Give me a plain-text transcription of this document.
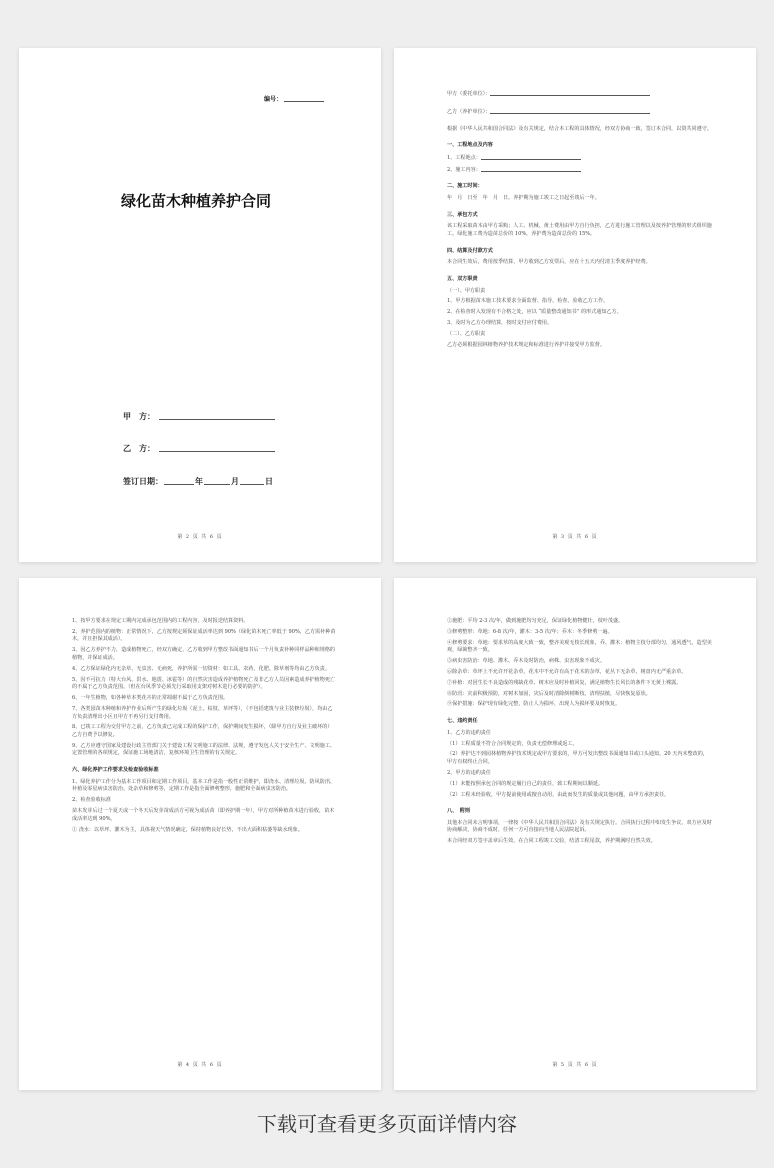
编号：
绿化苗木种植养护合同
甲　方：
乙　方：
签订日期：	年	月	日
第 2 页 共 6 页

甲方（委托单位）：

乙方（养护单位）：

根据《中华人民共和国合同法》及有关规定，结合本工程的具体情况，经双方协商一致，签订本合同，以资共同遵守。

一、工程地点及内容

1、工程地点：

2、施工内容：

二、施工时间：

年　月　日至　年　月　日。养护期为施工竣工之日起至竣后一年。

三、承包方式

该工程采取苗木由甲方采购；人工、机械、黄土费用由甲方自行负担，乙方进行施工管理以及按养护管理的形式组织施工。绿化施工费为造苗总价的 10%，养护费为造苗总价的 15%。

四、结算及付款方式

本合同生效后，费用按季结算，甲方收到乙方发票后，应在十五天内付清主季度养护经费。

五、双方职责

（一）、甲方职责

1、甲方根据苗木施工技术要求全面监督、指导、检查、验收乙方工作。

2、在检查时入发现有不合格之处，应以 “质量整改通知书” 的形式通知乙方。

3、及时为乙方办理结算，按时支付应付费用。

（二）、乙方职责

乙方必须根据园林植物养护技术规定和标准进行养护并接受甲方监督。

第 3 页 共 6 页

1、按甲方要求在规定工期内完成承包范围内的工程内容，及时报送结算资料。

2、养护范围内的植物：正常情况下，乙方按规定须保证成活率达到 90%（绿化苗木死亡率低于 90%，乙方需补种苗木，并且担保其成活）。

3、因乙方养护不力，造成植物死亡，经双方确定，乙方收到甲方整改书面通知书后一个月负责补种同样品种和规格的植物，并保证成活。

4、乙方保证绿化内无杂草、无虫害、无病死，养护所需一切资材：如工具、农药、化肥、除草剂等均由乙方负责。

5、因不可抗力（特大台风、洪水、地震、冰雹等）的自然灾害造成养护植物死亡及非乙方人员因素造成养护植物死亡的不属于乙方负责范围。（但在台风季节必须先行采取用支架对树木进行必要的防护）。

6、一年生植物，如各种草本类花卉的正常凋谢不属于乙方负责范围。

7、各类园苗木种植和养护作业后所产生的绿化垃圾（泥土、枯枝、草坪等），（不包括建筑与业主装修垃圾），均由乙方负责清理出小区且甲方不再另行支付费用。

8、已竣工工程为交付甲方之前，乙方负责已完成工程的保护工作，保护期间发生损坏，（除甲方自行及业主破坏的）乙方自费予以修复。

9、乙方应遵守国家及建设行政主管部门关于建设工程文明施工的法律、法规，遵守发包人关于安全生产、文明施工、定置管理的各项规定，保证施工场地清洁，复核环境卫生管理的有关规定。

六、绿化养护工作要求及检查验收标准

1、绿化养护工作分为基本工作项目和定期工作项目。基本工作是指一般性正常维护，即浇水、清理垃圾、防风防汛、补植及零星病虫害防治、处杂草和修剪等，定期工作是指全面修剪整形，施肥和全面病虫害防治。

2、检查验收标准

苗木发芽后过一个夏天或一个冬天后发芽苗成活方可视为成活苗（即养护期一年），甲方对所种植苗木进行验收，苗木成活率达到 90%。

① 浇水：以草坪、灌木为主，具体视天气情况确定，保持植物良好长势，不出大面积枯萎等缺水现象。

第 4 页 共 6 页

②施肥：平均 2-3 次/年，做到施肥均匀充足，保证绿化植物健壮，枝叶茂盛。

③修剪整形：草地：6-8 次/年，灌木：3-5 次/年；乔木：冬季修剪一遍。

④修剪要求：草地：要求草的高度大致一致，整齐美观无枝长现象，乔、灌木：植物主枝分部均匀，通风透气，造型美观，绿篱整齐一致。

⑤病虫害防治：草地、灌木、乔木及时防治，病株、虫害现象不成灾。

⑥除杂草：草坪上不允许开花杂草，花木中不允许有高于花木的杂草，花丛下无杂草，树盘内无严重杂草。

⑦补植：对因生长不良造成的残缺花草、树木应及时补植回复，满足植物生长风长的条件下无黄土裸露。

⑧防汛：灾前积极预防，对树木加固，灾后及时清除倒树断枝、清理扶植，尽快恢复原状。

⑨保护措施：保护现有绿化完整，防止人为损坏，出现人为损坏要及时恢复。

七、违约责任

1、乙方的违约责任

（1）工程质量不符合合同规定的，负责无偿修理或返工。

（2）养护达不到园林植物养护技术规定或甲方要求的，甲方可发出整改书面通知书或口头通知，20 天内未整改的，甲方有权终止合同。

2、甲方的违约责任

（1）未能按照承包合同的规定履行自己的责任，致工程期间以顺延。

（2）工程未经验收，甲方提前使用或擅自动用，由此而发生的质量或其他问题，由甲方承担责任。

八、　附则

其他本合同未言明事项，一律按《中华人民共和国合同法》及有关规定执行。合同执行过程中如发生争议，双方应及时协商解决，协商不成时，任何一方可直接向当地人民法院起诉。

本合同经双方签字盖章后生效，在合同工程竣工交验，结清工程尾款，养护期满时自然失效。

第 5 页 共 6 页
下载可查看更多页面详情内容
